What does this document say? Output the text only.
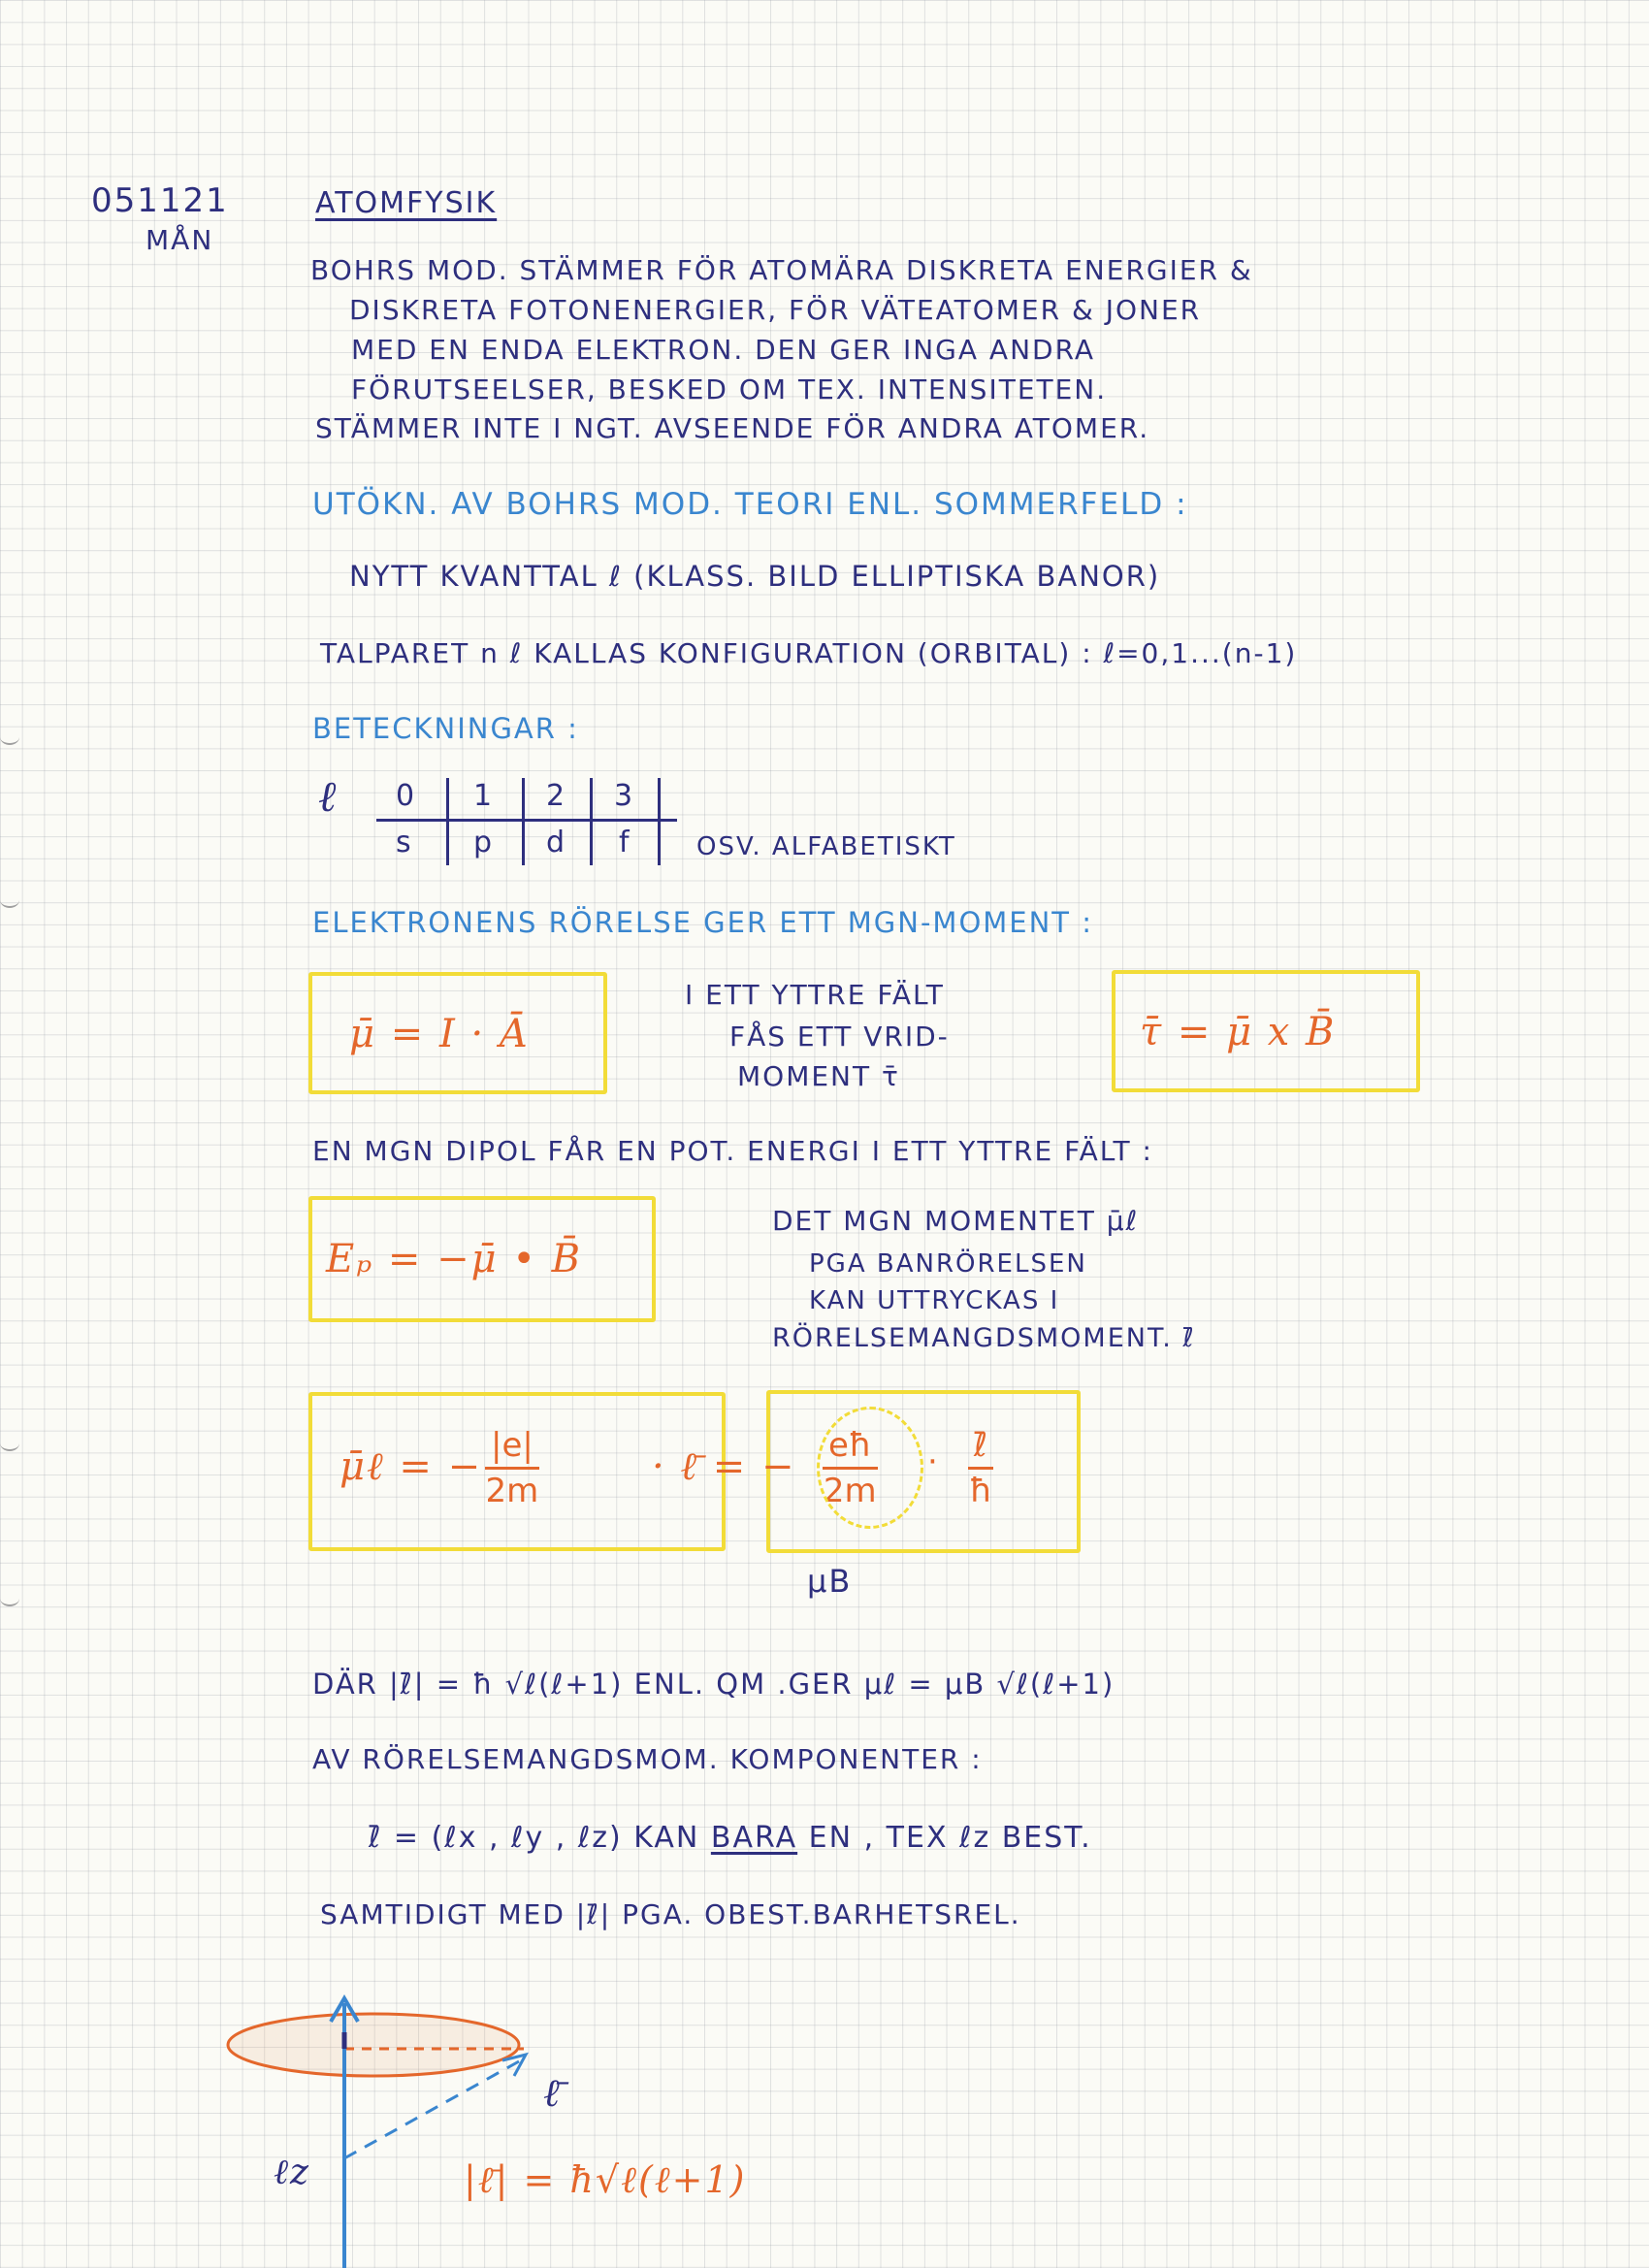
051121
MÅN
ATOMFYSIK
BOHRS MOD. STÄMMER FÖR ATOMÄRA DISKRETA ENERGIER &
DISKRETA FOTONENERGIER, FÖR VÄTEATOMER & JONER
MED EN ENDA ELEKTRON. DEN GER INGA ANDRA
FÖRUTSEELSER, BESKED OM TEX. INTENSITETEN.
STÄMMER INTE I NGT. AVSEENDE FÖR ANDRA ATOMER.
UTÖKN. AV BOHRS MOD. TEORI ENL. SOMMERFELD :
NYTT KVANTTAL ℓ (KLASS. BILD ELLIPTISKA BANOR)
TALPARET n ℓ KALLAS KONFIGURATION (ORBITAL) : ℓ=0,1...(n-1)
BETECKNINGAR :
ℓ 0 1 2 3
s p d f	OSV. ALFABETISKT
ELEKTRONENS RÖRELSE GER ETT MGN-MOMENT :
μ̄ = I · Ā
I ETT YTTRE FÄLT
FÅS ETT VRID-
MOMENT τ̄
τ̄ = μ̄ x B̄
EN MGN DIPOL FÅR EN POT. ENERGI I ETT YTTRE FÄLT :
Eₚ = −μ̄ • B̄
DET MGN MOMENTET μ̄ℓ
PGA BANRÖRELSEN
KAN UTTRYCKAS I
RÖRELSEMANGDSMOMENT. ℓ̄
μ̄ℓ = − $\frac{|e|}{2m}$	· ℓ̄ = − $\frac{eħ}{2m}$ · ℓ̄
ħ
μB
DÄR |ℓ̄| = ħ √ℓ(ℓ+1) ENL. QM .GER μℓ = μB √ℓ(ℓ+1)
AV RÖRELSEMANGDSMOM. KOMPONENTER :
ℓ̄ = (ℓx , ℓy , ℓz) KAN BARA EN , TEX ℓz BEST.
SAMTIDIGT MED |ℓ̄| PGA. OBEST.BARHETSREL.
ℓ̄
ℓz	|ℓ̄| = ħ√ℓ(ℓ+1)
